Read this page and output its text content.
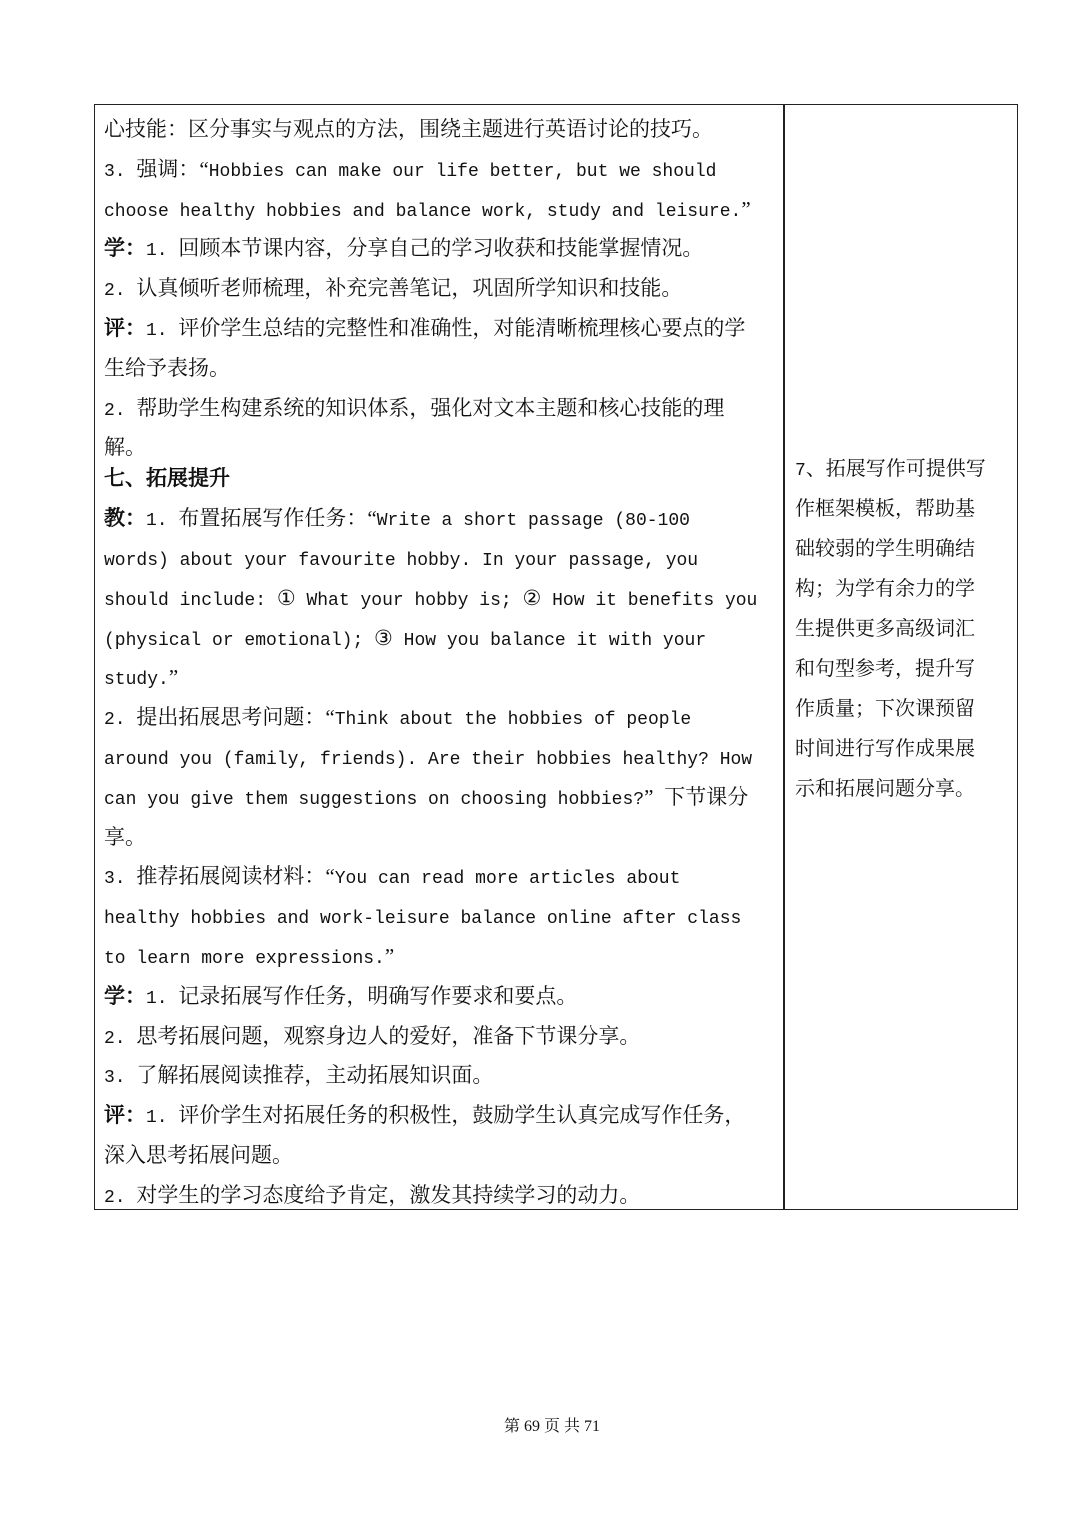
心技能：区分事实与观点的方法，围绕主题进行英语讨论的技巧。
3. 强调：“Hobbies can make our life better, but we should
choose healthy hobbies and balance work, study and leisure.”
学：1. 回顾本节课内容，分享自己的学习收获和技能掌握情况。
2. 认真倾听老师梳理，补充完善笔记，巩固所学知识和技能。
评：1. 评价学生总结的完整性和准确性，对能清晰梳理核心要点的学
生给予表扬。
2. 帮助学生构建系统的知识体系，强化对文本主题和核心技能的理
解。
七、拓展提升
教：1. 布置拓展写作任务：“Write a short passage (80-100
words) about your favourite hobby. In your passage, you
should include: ① What your hobby is; ② How it benefits you
(physical or emotional); ③ How you balance it with your
study.”
2. 提出拓展思考问题：“Think about the hobbies of people
around you (family, friends). Are their hobbies healthy? How
can you give them suggestions on choosing hobbies?” 下节课分
享。
3. 推荐拓展阅读材料：“You can read more articles about
healthy hobbies and work-leisure balance online after class
to learn more expressions.”
学：1. 记录拓展写作任务，明确写作要求和要点。
2. 思考拓展问题，观察身边人的爱好，准备下节课分享。
3. 了解拓展阅读推荐，主动拓展知识面。
评：1. 评价学生对拓展任务的积极性，鼓励学生认真完成写作任务，
深入思考拓展问题。
2. 对学生的学习态度给予肯定，激发其持续学习的动力。
7、拓展写作可提供写
作框架模板，帮助基
础较弱的学生明确结
构；为学有余力的学
生提供更多高级词汇
和句型参考，提升写
作质量；下次课预留
时间进行写作成果展
示和拓展问题分享。
第 69 页 共 71
